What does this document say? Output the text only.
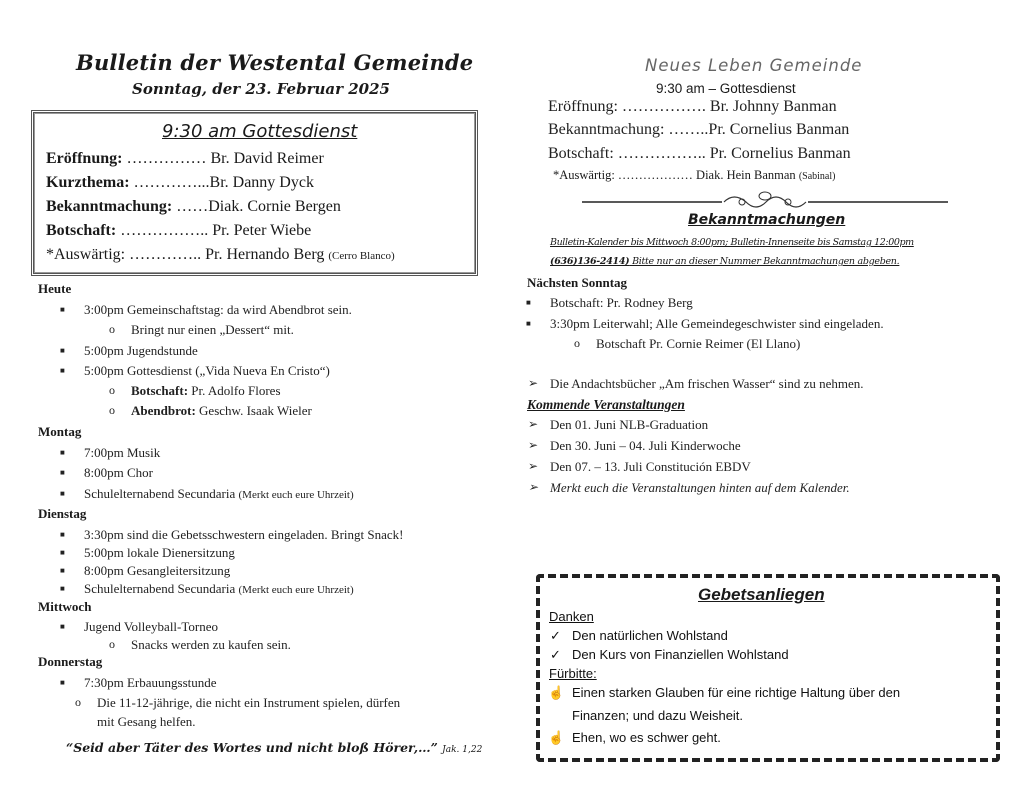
Bulletin der Westental Gemeinde
Sonntag, der 23. Februar 2025
9:30 am Gottesdienst
Eröffnung: …………… Br. David Reimer
Kurzthema: …………...Br. Danny Dyck
Bekanntmachung: ……Diak. Cornie Bergen
Botschaft: …………….. Pr. Peter Wiebe
*Auswärtig: ………….. Pr. Hernando Berg (Cerro Blanco)
Heute
■ 3:00pm Gemeinschaftstag: da wird Abendbrot sein.
o Bringt nur einen „Dessert“ mit.
■ 5:00pm Jugendstunde
■ 5:00pm Gottesdienst („Vida Nueva En Cristo“)
o Botschaft: Pr. Adolfo Flores
o Abendbrot: Geschw. Isaak Wieler
Montag
■ 7:00pm Musik
■ 8:00pm Chor
■ Schulelternabend Secundaria (Merkt euch eure Uhrzeit)
Dienstag
■ 3:30pm sind die Gebetsschwestern eingeladen. Bringt Snack!
■ 5:00pm lokale Dienersitzung
■ 8:00pm Gesangleitersitzung
■ Schulelternabend Secundaria (Merkt euch eure Uhrzeit)
Mittwoch
■ Jugend Volleyball-Torneo
o Snacks werden zu kaufen sein.
Donnerstag
■ 7:30pm Erbauungsstunde
o Die 11-12-jährige, die nicht ein Instrument spielen, dürfen
mit Gesang helfen.
“Seid aber Täter des Wortes und nicht bloß Hörer,…” Jak. 1,22
Neues Leben Gemeinde
9:30 am – Gottesdienst
Eröffnung: ……………. Br. Johnny Banman
Bekanntmachung: ……..Pr. Cornelius Banman
Botschaft: …………….. Pr. Cornelius Banman
*Auswärtig: ……………… Diak. Hein Banman (Sabinal)
Bekanntmachungen
Bulletin-Kalender bis Mittwoch 8:00pm; Bulletin-Innenseite bis Samstag 12:00pm
(636)136-2414) Bitte nur an dieser Nummer Bekanntmachungen abgeben.
Nächsten Sonntag
■ Botschaft: Pr. Rodney Berg
■ 3:30pm Leiterwahl; Alle Gemeindegeschwister sind eingeladen.
o Botschaft Pr. Cornie Reimer (El Llano)
➢ Die Andachtsbücher „Am frischen Wasser“ sind zu nehmen.
Kommende Veranstaltungen
➢ Den 01. Juni NLB-Graduation
➢ Den 30. Juni – 04. Juli Kinderwoche
➢ Den 07. – 13. Juli Constitución EBDV
➢ Merkt euch die Veranstaltungen hinten auf dem Kalender.
Gebetsanliegen
Danken
✓ Den natürlichen Wohlstand
✓ Den Kurs von Finanziellen Wohlstand
Fürbitte:
☝ Einen starken Glauben für eine richtige Haltung über den
Finanzen; und dazu Weisheit.
☝ Ehen, wo es schwer geht.
